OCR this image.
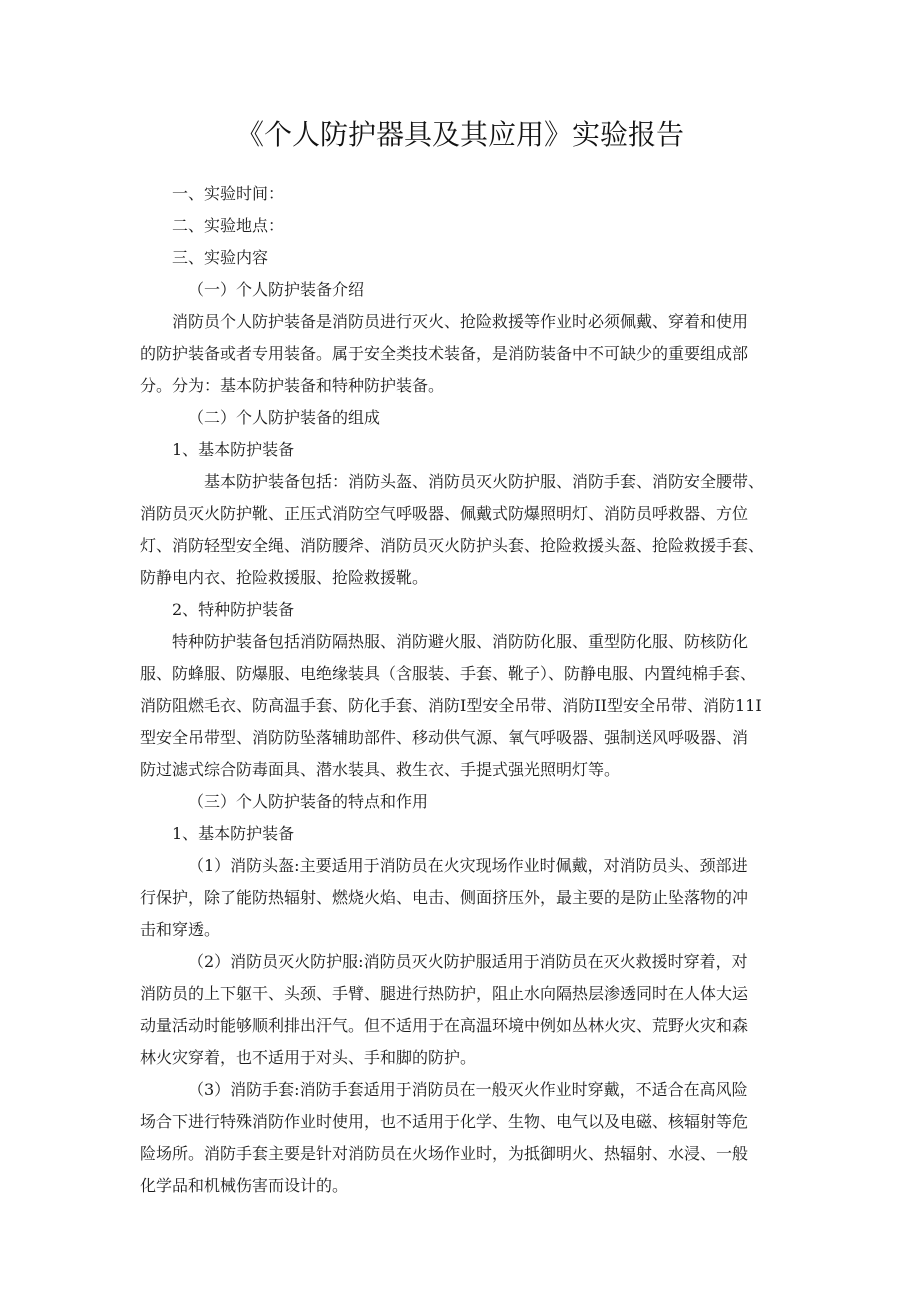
《个人防护器具及其应用》实验报告
一、实验时间：
二、实验地点：
三、实验内容
（一）个人防护装备介绍
消防员个人防护装备是消防员进行灭火、抢险救援等作业时必须佩戴、穿着和使用
的防护装备或者专用装备。属于安全类技术装备，是消防装备中不可缺少的重要组成部
分。分为：基本防护装备和特种防护装备。
（二）个人防护装备的组成
1、基本防护装备
基本防护装备包括：消防头盔、消防员灭火防护服、消防手套、消防安全腰带、
消防员灭火防护靴、正压式消防空气呼吸器、佩戴式防爆照明灯、消防员呼救器、方位
灯、消防轻型安全绳、消防腰斧、消防员灭火防护头套、抢险救援头盔、抢险救援手套、
防静电内衣、抢险救援服、抢险救援靴。
2、特种防护装备
特种防护装备包括消防隔热服、消防避火服、消防防化服、重型防化服、防核防化
服、防蜂服、防爆服、电绝缘装具（含服装、手套、靴子）、防静电服、内置纯棉手套、
消防阻燃毛衣、防高温手套、防化手套、消防I型安全吊带、消防II型安全吊带、消防11I
型安全吊带型、消防防坠落辅助部件、移动供气源、氧气呼吸器、强制送风呼吸器、消
防过滤式综合防毒面具、潜水装具、救生衣、手提式强光照明灯等。
（三）个人防护装备的特点和作用
1、基本防护装备
（1）消防头盔:主要适用于消防员在火灾现场作业时佩戴，对消防员头、颈部进
行保护，除了能防热辐射、燃烧火焰、电击、侧面挤压外，最主要的是防止坠落物的冲
击和穿透。
（2）消防员灭火防护服:消防员灭火防护服适用于消防员在灭火救援时穿着，对
消防员的上下躯干、头颈、手臂、腿进行热防护，阻止水向隔热层渗透同时在人体大运
动量活动时能够顺利排出汗气。但不适用于在高温环境中例如丛林火灾、荒野火灾和森
林火灾穿着，也不适用于对头、手和脚的防护。
（3）消防手套:消防手套适用于消防员在一般灭火作业时穿戴，不适合在高风险
场合下进行特殊消防作业时使用，也不适用于化学、生物、电气以及电磁、核辐射等危
险场所。消防手套主要是针对消防员在火场作业时，为抵御明火、热辐射、水浸、一般
化学品和机械伤害而设计的。
